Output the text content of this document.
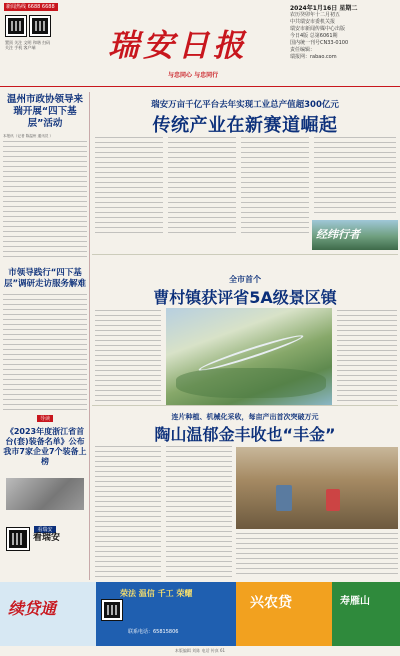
新闻热线 6688 6688
置顶 关注 文明 和谐 扫码 关注 手机 客户端	瑞安日报
与忠同心 与忠同行
2024年1月16日 星期二
农历癸卯年十二月初五
中共瑞安市委机关报
瑞安市新闻传媒中心出版
今日4版 总第6061期
国内统一刊号CN33-0100
责任编辑：
瑞报网：rabao.com
温州市政协领导来瑞开展“四下基层”活动
本报讯（记者 陈温州 通讯员 ）
市领导践行“四下基层”调研走访服务解难
导读
《2023年度浙江省首台(套)装备名单》公布 我市7家企业7个装备上榜
看瑞安
看瑞安
瑞安万亩千亿平台去年实现工业总产值超300亿元
传统产业在新赛道崛起
经纬行者
全市首个
曹村镇获评省5A级景区镇
连片种植、机械化采收，每亩产出首次突破万元
陶山温郁金丰收也“丰金”
续贷通
荣法 温信 千工 荣耀
联系电话：65815806
兴农贷	寿雁山
本版编辑 刘陈 电话 传真 61
